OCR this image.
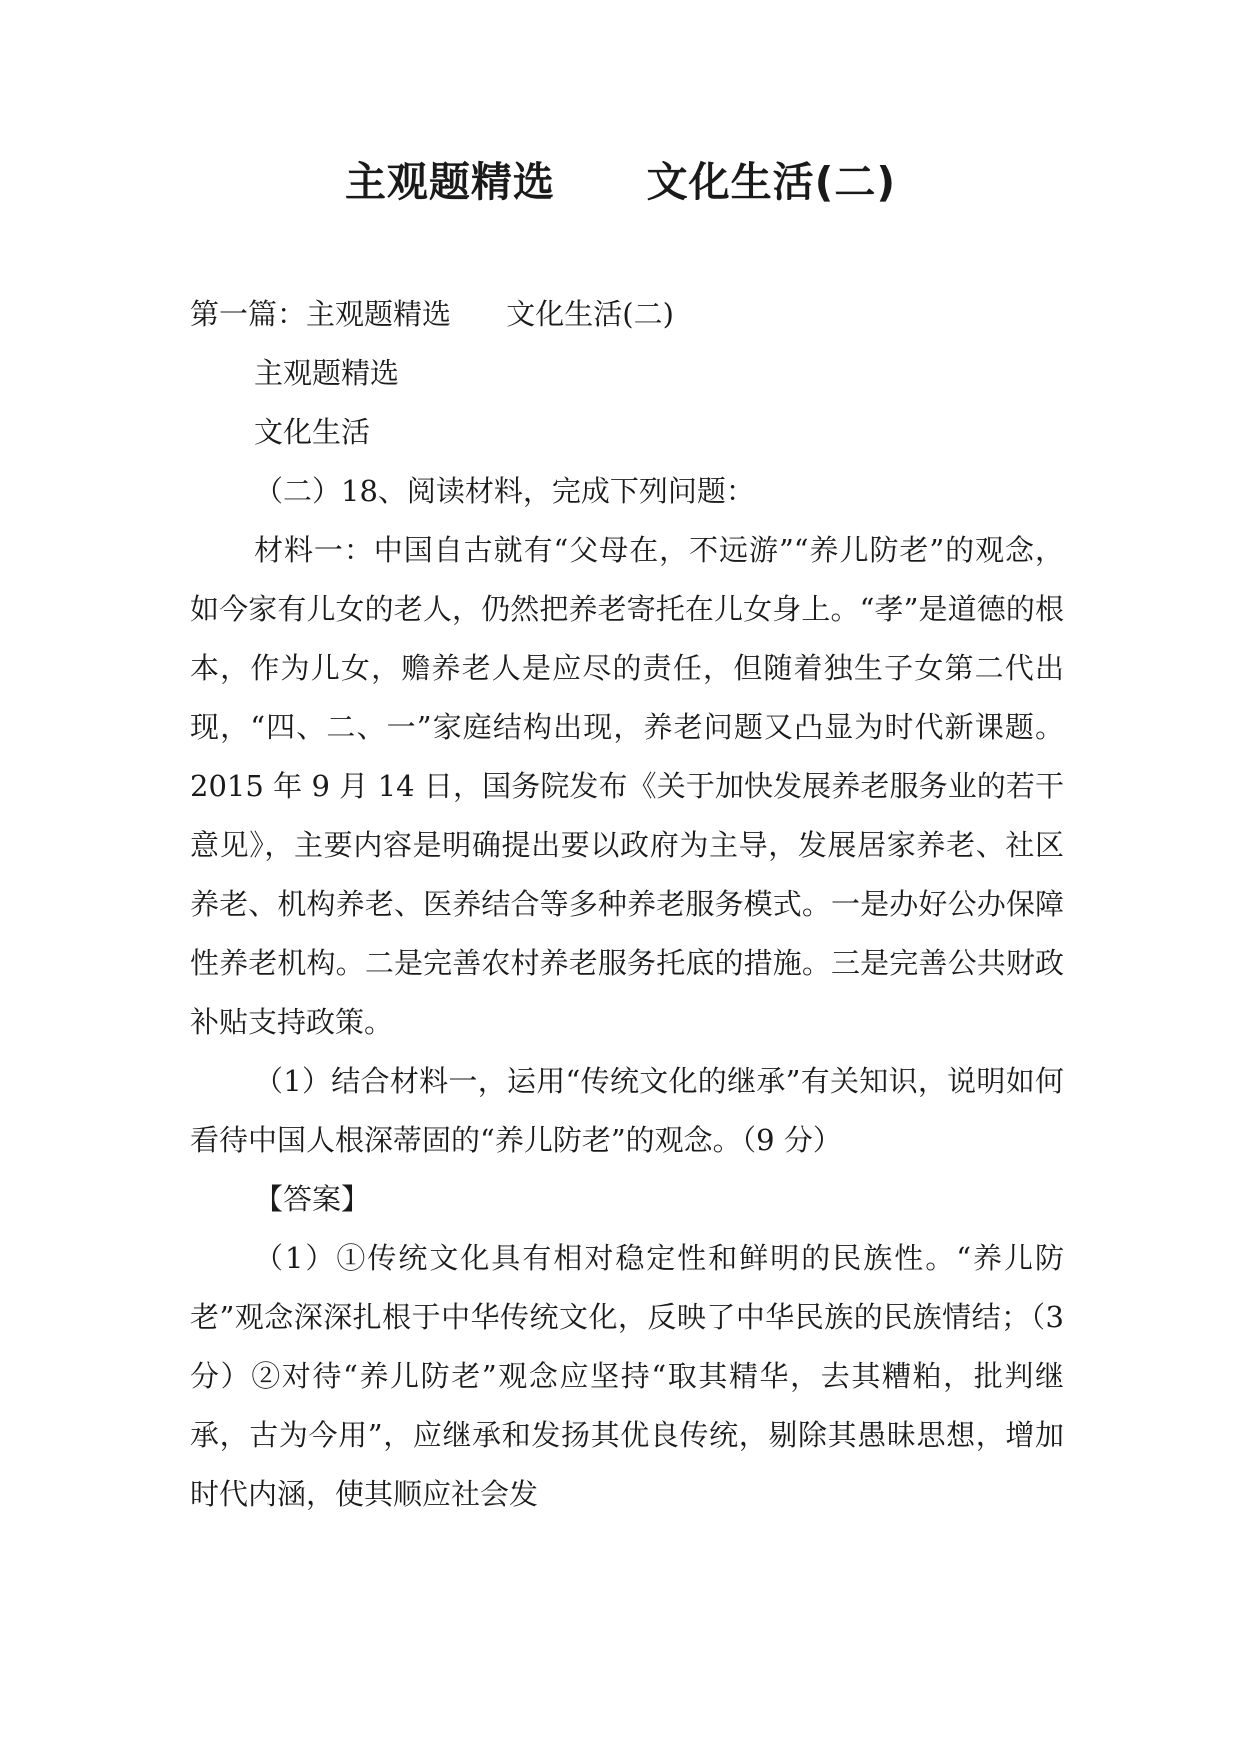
主观题精选      文化生活(二)

第一篇：主观题精选      文化生活(二)

主观题精选

文化生活

（二）18、阅读材料，完成下列问题：

材料一：中国自古就有“父母在，不远游”“养儿防老”的观念，如今家有儿女的老人，仍然把养老寄托在儿女身上。“孝”是道德的根本，作为儿女，赡养老人是应尽的责任，但随着独生子女第二代出现，“四、二、一”家庭结构出现，养老问题又凸显为时代新课题。2015 年 9 月 14 日，国务院发布《关于加快发展养老服务业的若干意见》，主要内容是明确提出要以政府为主导，发展居家养老、社区养老、机构养老、医养结合等多种养老服务模式。一是办好公办保障性养老机构。二是完善农村养老服务托底的措施。三是完善公共财政补贴支持政策。

（1）结合材料一，运用“传统文化的继承”有关知识，说明如何看待中国人根深蒂固的“养儿防老”的观念。（9 分）

【答案】

（1）①传统文化具有相对稳定性和鲜明的民族性。“养儿防老”观念深深扎根于中华传统文化，反映了中华民族的民族情结；（3 分）②对待“养儿防老”观念应坚持“取其精华，去其糟粕，批判继承，古为今用”，应继承和发扬其优良传统，剔除其愚昧思想，增加时代内涵，使其顺应社会发
